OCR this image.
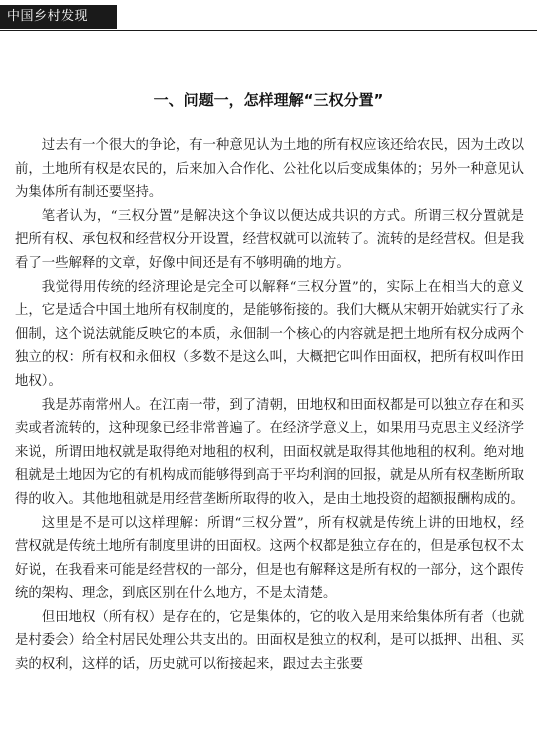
中国乡村发现
一、问题一，怎样理解“三权分置”

过去有一个很大的争论，有一种意见认为土地的所有权应该还给农民，因为土改以前，土地所有权是农民的，后来加入合作化、公社化以后变成集体的；另外一种意见认为集体所有制还要坚持。

笔者认为，“三权分置”是解决这个争议以便达成共识的方式。所谓三权分置就是把所有权、承包权和经营权分开设置，经营权就可以流转了。流转的是经营权。但是我看了一些解释的文章，好像中间还是有不够明确的地方。

我觉得用传统的经济理论是完全可以解释“三权分置”的，实际上在相当大的意义上，它是适合中国土地所有权制度的，是能够衔接的。我们大概从宋朝开始就实行了永佃制，这个说法就能反映它的本质，永佃制一个核心的内容就是把土地所有权分成两个独立的权：所有权和永佃权（多数不是这么叫，大概把它叫作田面权，把所有权叫作田地权）。

我是苏南常州人。在江南一带，到了清朝，田地权和田面权都是可以独立存在和买卖或者流转的，这种现象已经非常普遍了。在经济学意义上，如果用马克思主义经济学来说，所谓田地权就是取得绝对地租的权利，田面权就是取得其他地租的权利。绝对地租就是土地因为它的有机构成而能够得到高于平均利润的回报，就是从所有权垄断所取得的收入。其他地租就是用经营垄断所取得的收入，是由土地投资的超额报酬构成的。

这里是不是可以这样理解：所谓“三权分置”，所有权就是传统上讲的田地权，经营权就是传统土地所有制度里讲的田面权。这两个权都是独立存在的，但是承包权不太好说，在我看来可能是经营权的一部分，但是也有解释这是所有权的一部分，这个跟传统的架构、理念，到底区别在什么地方，不是太清楚。

但田地权（所有权）是存在的，它是集体的，它的收入是用来给集体所有者（也就是村委会）给全村居民处理公共支出的。田面权是独立的权利，是可以抵押、出租、买卖的权利，这样的话，历史就可以衔接起来，跟过去主张要
